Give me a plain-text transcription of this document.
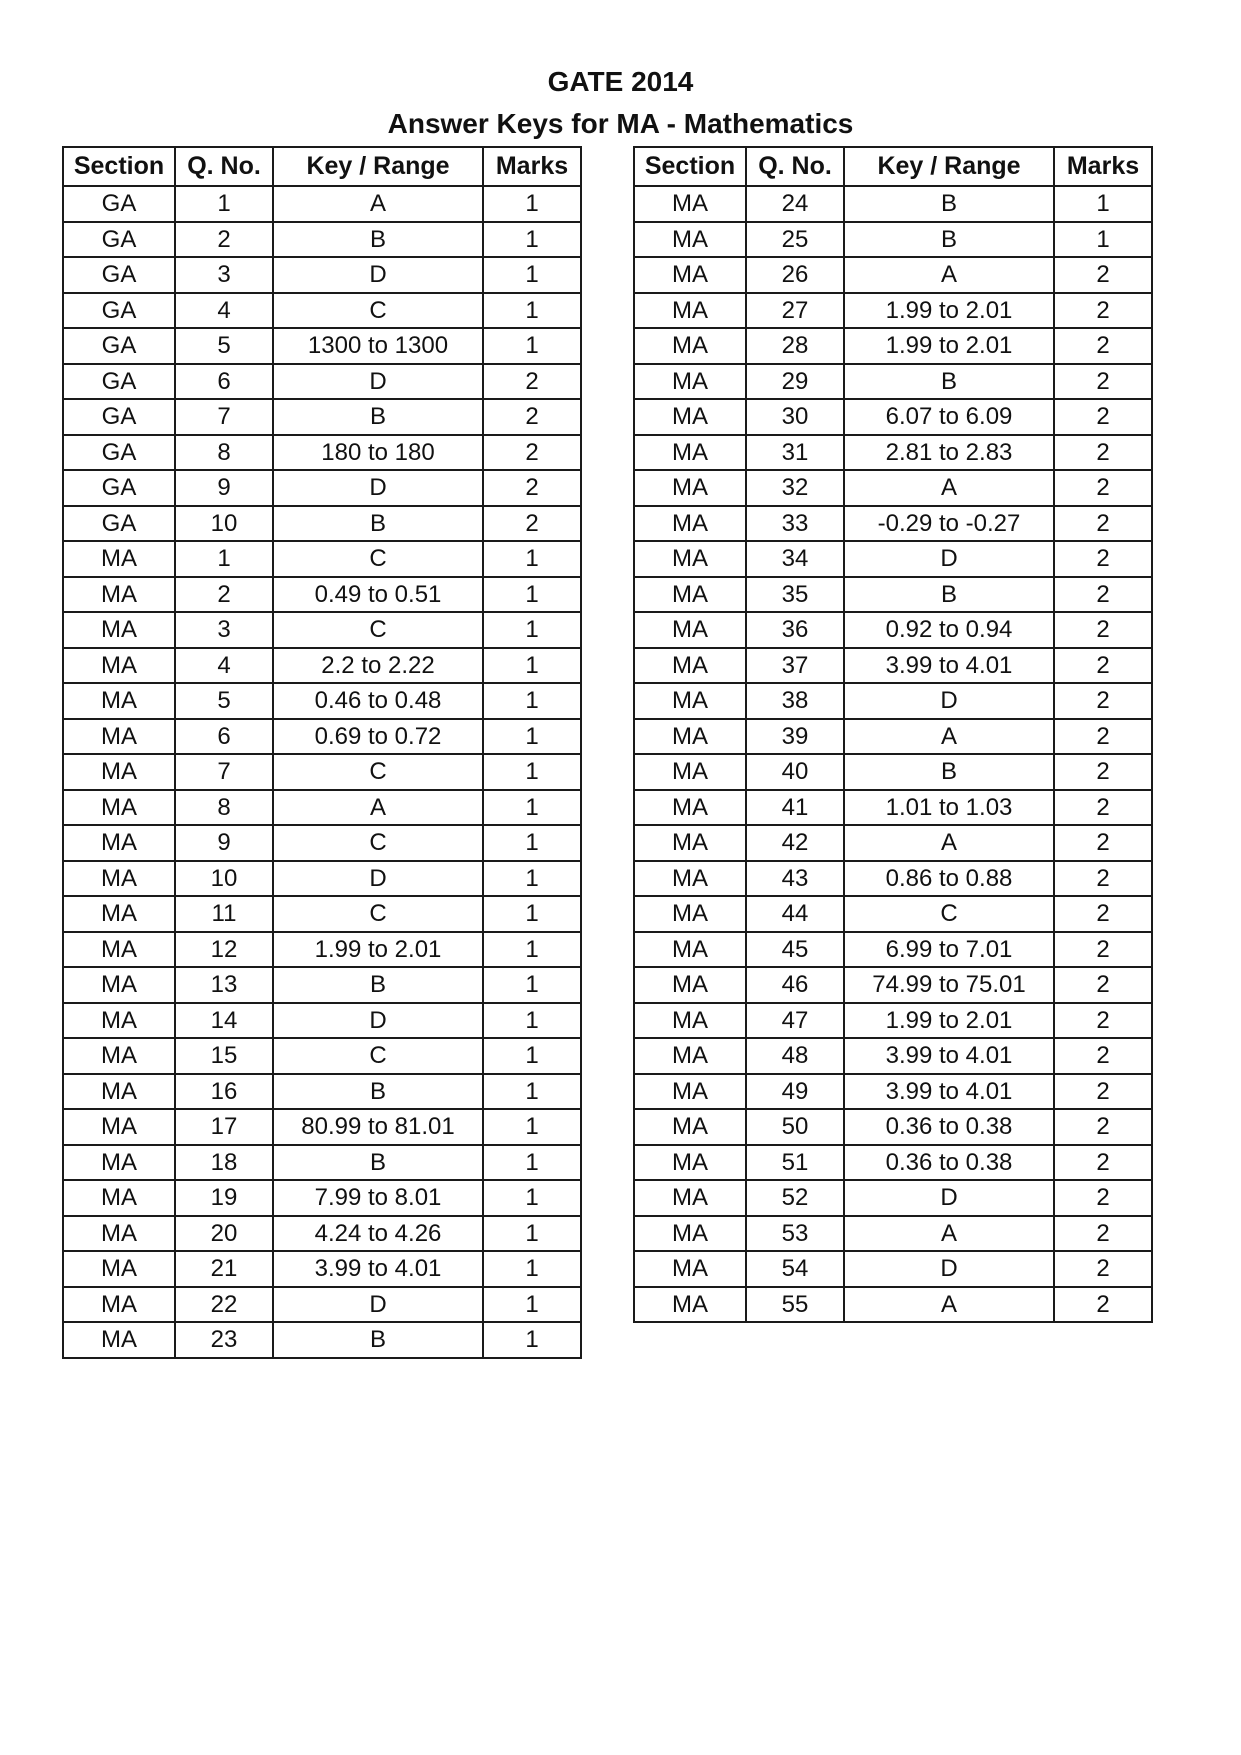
GATE 2014
Answer Keys for MA - Mathematics
Section	Q. No.	Key / Range	Marks
GA	1	A	1
GA	2	B	1
GA	3	D	1
GA	4	C	1
GA	5	1300 to 1300	1
GA	6	D	2
GA	7	B	2
GA	8	180 to 180	2
GA	9	D	2
GA	10	B	2
MA	1	C	1
MA	2	0.49 to 0.51	1
MA	3	C	1
MA	4	2.2 to 2.22	1
MA	5	0.46 to 0.48	1
MA	6	0.69 to 0.72	1
MA	7	C	1
MA	8	A	1
MA	9	C	1
MA	10	D	1
MA	11	C	1
MA	12	1.99 to 2.01	1
MA	13	B	1
MA	14	D	1
MA	15	C	1
MA	16	B	1
MA	17	80.99 to 81.01	1
MA	18	B	1
MA	19	7.99 to 8.01	1
MA	20	4.24 to 4.26	1
MA	21	3.99 to 4.01	1
MA	22	D	1
MA	23	B	1
Section	Q. No.	Key / Range	Marks
MA	24	B	1
MA	25	B	1
MA	26	A	2
MA	27	1.99 to 2.01	2
MA	28	1.99 to 2.01	2
MA	29	B	2
MA	30	6.07 to 6.09	2
MA	31	2.81 to 2.83	2
MA	32	A	2
MA	33	-0.29 to -0.27	2
MA	34	D	2
MA	35	B	2
MA	36	0.92 to 0.94	2
MA	37	3.99 to 4.01	2
MA	38	D	2
MA	39	A	2
MA	40	B	2
MA	41	1.01 to 1.03	2
MA	42	A	2
MA	43	0.86 to 0.88	2
MA	44	C	2
MA	45	6.99 to 7.01	2
MA	46	74.99 to 75.01	2
MA	47	1.99 to 2.01	2
MA	48	3.99 to 4.01	2
MA	49	3.99 to 4.01	2
MA	50	0.36 to 0.38	2
MA	51	0.36 to 0.38	2
MA	52	D	2
MA	53	A	2
MA	54	D	2
MA	55	A	2
